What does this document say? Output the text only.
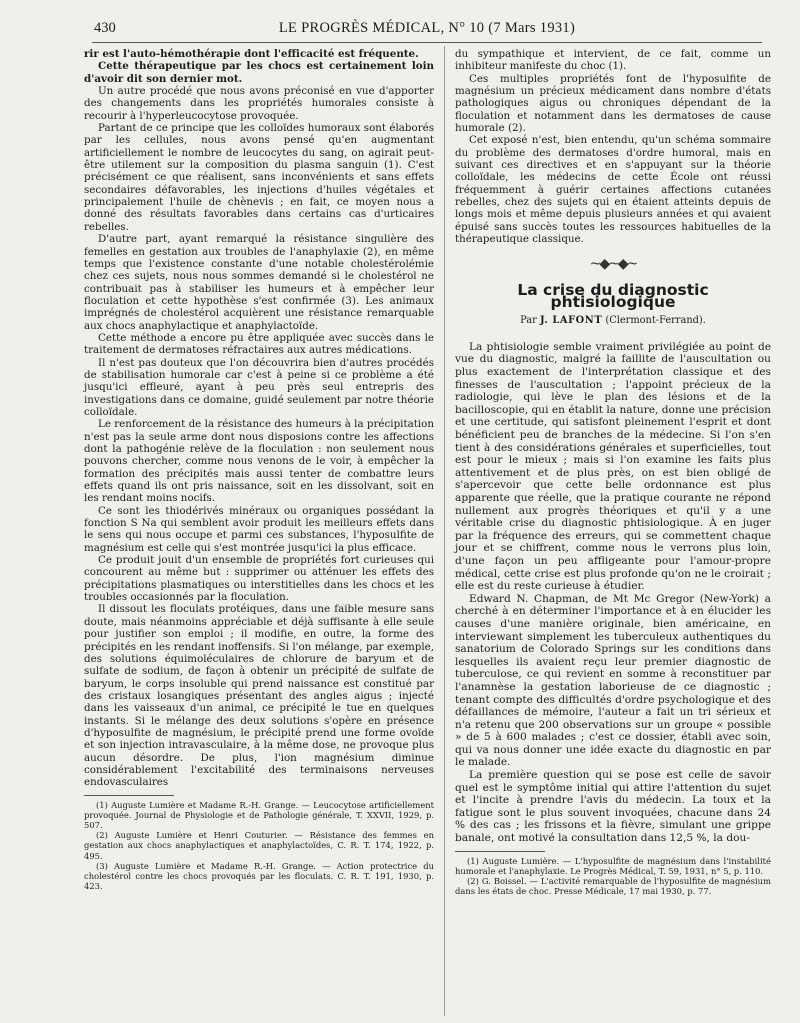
430	LE PROGRÈS MÉDICAL, N° 10 (7 Mars 1931)

rir est l'auto-hémothérapie dont l'efficacité est fréquente.

Cette thérapeutique par les chocs est certainement loin d'avoir dit son dernier mot.

Un autre procédé que nous avons préconisé en vue d'apporter des changements dans les propriétés humorales consiste à recourir à l'hyperleucocytose provoquée.

Partant de ce principe que les colloïdes humoraux sont élaborés par les cellules, nous avons pensé qu'en augmentant artificiellement le nombre de leucocytes du sang, on agirait peut-être utilement sur la composition du plasma sanguin (1). C'est précisément ce que réalisent, sans inconvénients et sans effets secondaires défavorables, les injections d'huiles végétales et principalement l'huile de chènevis ; en fait, ce moyen nous a donné des résultats favorables dans certains cas d'urticaires rebelles.

D'autre part, ayant remarqué la résistance singulière des femelles en gestation aux troubles de l'anaphylaxie (2), en même temps que l'existence constante d'une notable cholestérolémie chez ces sujets, nous nous sommes demandé si le cholestérol ne contribuait pas à stabiliser les humeurs et à empêcher leur floculation et cette hypothèse s'est confirmée (3). Les animaux imprégnés de cholestérol acquièrent une résistance remarquable aux chocs anaphylactique et anaphylactoïde.

Cette méthode a encore pu être appliquée avec succès dans le traitement de dermatoses réfractaires aux autres médications.

Il n'est pas douteux que l'on découvrira bien d'autres procédés de stabilisation humorale car c'est à peine si ce problème a été jusqu'ici effleuré, ayant à peu près seul entrepris des investigations dans ce domaine, guidé seulement par notre théorie colloïdale.

Le renforcement de la résistance des humeurs à la précipitation n'est pas la seule arme dont nous disposions contre les affections dont la pathogénie relève de la floculation : non seulement nous pouvons chercher, comme nous venons de le voir, à empêcher la formation des précipités mais aussi tenter de combattre leurs effets quand ils ont pris naissance, soit en les dissolvant, soit en les rendant moins nocifs.

Ce sont les thiodérivés minéraux ou organiques possédant la fonction S Na qui semblent avoir produit les meilleurs effets dans le sens qui nous occupe et parmi ces substances, l'hyposulfite de magnésium est celle qui s'est montrée jusqu'ici la plus efficace.

Ce produit jouit d'un ensemble de propriétés fort curieuses qui concourent au même but : supprimer ou atténuer les effets des précipitations plasmatiques ou interstitielles dans les chocs et les troubles occasionnés par la floculation.

Il dissout les floculats protéiques, dans une faible mesure sans doute, mais néanmoins appréciable et déjà suffisante à elle seule pour justifier son emploi ; il modifie, en outre, la forme des précipités en les rendant inoffensifs. Si l'on mélange, par exemple, des solutions équimoléculaires de chlorure de baryum et de sulfate de sodium, de façon à obtenir un précipité de sulfate de baryum, le corps insoluble qui prend naissance est constitué par des cristaux losangiques présentant des angles aigus ; injecté dans les vaisseaux d'un animal, ce précipité le tue en quelques instants. Si le mélange des deux solutions s'opère en présence d'hyposulfite de magnésium, le précipité prend une forme ovoïde et son injection intravasculaire, à la même dose, ne provoque plus aucun désordre. De plus, l'ion magnésium diminue considérablement l'excitabilité des terminaisons nerveuses endovasculaires

(1) Auguste Lumière et Madame R.-H. Grange. — Leucocytose artificiellement provoquée. Journal de Physiologie et de Pathologie générale, T. XXVII, 1929, p. 507.

(2) Auguste Lumière et Henri Couturier. — Résistance des femmes en gestation aux chocs anaphylactiques et anaphylactoïdes, C. R. T. 174, 1922, p. 495.

(3) Auguste Lumière et Madame R.-H. Grange. — Action protectrice du cholestérol contre les chocs provoqués par les floculats. C. R. T. 191, 1930, p. 423.

du sympathique et intervient, de ce fait, comme un inhibiteur manifeste du choc (1).

Ces multiples propriétés font de l'hyposulfite de magnésium un précieux médicament dans nombre d'états pathologiques aigus ou chroniques dépendant de la floculation et notamment dans les dermatoses de cause humorale (2).

Cet exposé n'est, bien entendu, qu'un schéma sommaire du problème des dermatoses d'ordre humoral, mais en suivant ces directives et en s'appuyant sur la théorie colloïdale, les médecins de cette École ont réussi fréquemment à guérir certaines affections cutanées rebelles, chez des sujets qui en étaient atteints depuis de longs mois et même depuis plusieurs années et qui avaient épuisé sans succès toutes les ressources habituelles de la thérapeutique classique.

~◆~◆~
La crise du diagnostic phtisiologique
Par J. LAFONT (Clermont-Ferrand).

La phtisiologie semble vraiment privilégiée au point de vue du diagnostic, malgré la faillite de l'auscultation ou plus exactement de l'interprétation classique et des finesses de l'auscultation ; l'appoint précieux de la radiologie, qui lève le plan des lésions et de la bacilloscopie, qui en établit la nature, donne une précision et une certitude, qui satisfont pleinement l'esprit et dont bénéficient peu de branches de la médecine. Si l'on s'en tient à des considérations générales et superficielles, tout est pour le mieux ; mais si l'on examine les faits plus attentivement et de plus près, on est bien obligé de s'apercevoir que cette belle ordonnance est plus apparente que réelle, que la pratique courante ne répond nullement aux progrès théoriques et qu'il y a une véritable crise du diagnostic phtisiologique. À en juger par la fréquence des erreurs, qui se commettent chaque jour et se chiffrent, comme nous le verrons plus loin, d'une façon un peu affligeante pour l'amour-propre médical, cette crise est plus profonde qu'on ne le croirait ; elle est du reste curieuse à étudier.

Edward N. Chapman, de Mt Mc Gregor (New-York) a cherché à en déterminer l'importance et à en élucider les causes d'une manière originale, bien américaine, en interviewant simplement les tuberculeux authentiques du sanatorium de Colorado Springs sur les conditions dans lesquelles ils avaient reçu leur premier diagnostic de tuberculose, ce qui revient en somme à reconstituer par l'anamnèse la gestation laborieuse de ce diagnostic ; tenant compte des difficultés d'ordre psychologique et des défaillances de mémoire, l'auteur a fait un tri sérieux et n'a retenu que 200 observations sur un groupe « possible » de 5 à 600 malades ; c'est ce dossier, établi avec soin, qui va nous donner une idée exacte du diagnostic en par le malade.

La première question qui se pose est celle de savoir quel est le symptôme initial qui attire l'attention du sujet et l'incite à prendre l'avis du médecin. La toux et la fatigue sont le plus souvent invoquées, chacune dans 24 % des cas ; les frissons et la fièvre, simulant une grippe banale, ont motivé la consultation dans 12,5 %, la dou-

(1) Auguste Lumière. — L'hyposulfite de magnésium dans l'instabilité humorale et l'anaphylaxie. Le Progrès Médical, T. 59, 1931, n° 5, p. 110.

(2) G. Boissel. — L'activité remarquable de l'hyposulfite de magnésium dans les états de choc. Presse Médicale, 17 mai 1930, p. 77.
